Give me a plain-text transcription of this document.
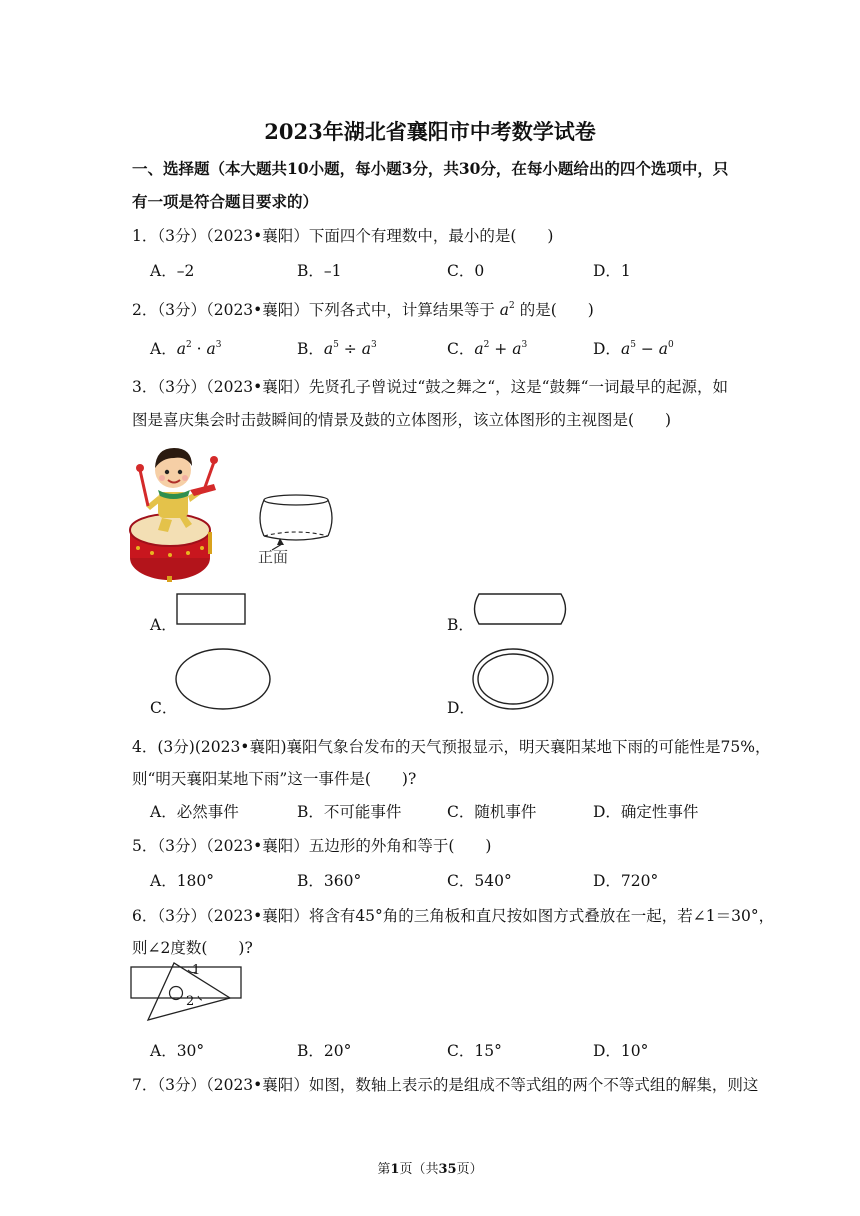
2023年湖北省襄阳市中考数学试卷
一、选择题（本大题共10小题，每小题3分，共30分，在每小题给出的四个选项中，只
有一项是符合题目要求的）
1．（3分）（2023•襄阳）下面四个有理数中，最小的是(　　)
A．–2	B．–1	C．0	D．1
2．（3分）（2023•襄阳）下列各式中，计算结果等于 $a^2$ 的是(　　)
A．$a^2 \cdot a^3$	B．$a^5 \div a^3$	C．$a^2 + a^3$	D．$a^5 - a^0$
3．（3分）（2023•襄阳）先贤孔子曾说过“鼓之舞之“，这是“鼓舞“一词最早的起源，如
图是喜庆集会时击鼓瞬间的情景及鼓的立体图形，该立体图形的主视图是(　　)
正面
A．	B．
C．	D．
4．(3分)(2023•襄阳)襄阳气象台发布的天气预报显示，明天襄阳某地下雨的可能性是75%，
则“明天襄阳某地下雨”这一事件是(　　)?
A．必然事件	B．不可能事件	C．随机事件	D．确定性事件
5．（3分）（2023•襄阳）五边形的外角和等于(　　)
A．180°	B．360°	C．540°	D．720°
6．（3分）（2023•襄阳）将含有45°角的三角板和直尺按如图方式叠放在一起，若∠1＝30°，
则∠2度数(　　)?
1
2
A．30°	B．20°	C．15°	D．10°
7．（3分）（2023•襄阳）如图，数轴上表示的是组成不等式组的两个不等式组的解集，则这
第1页（共35页）
